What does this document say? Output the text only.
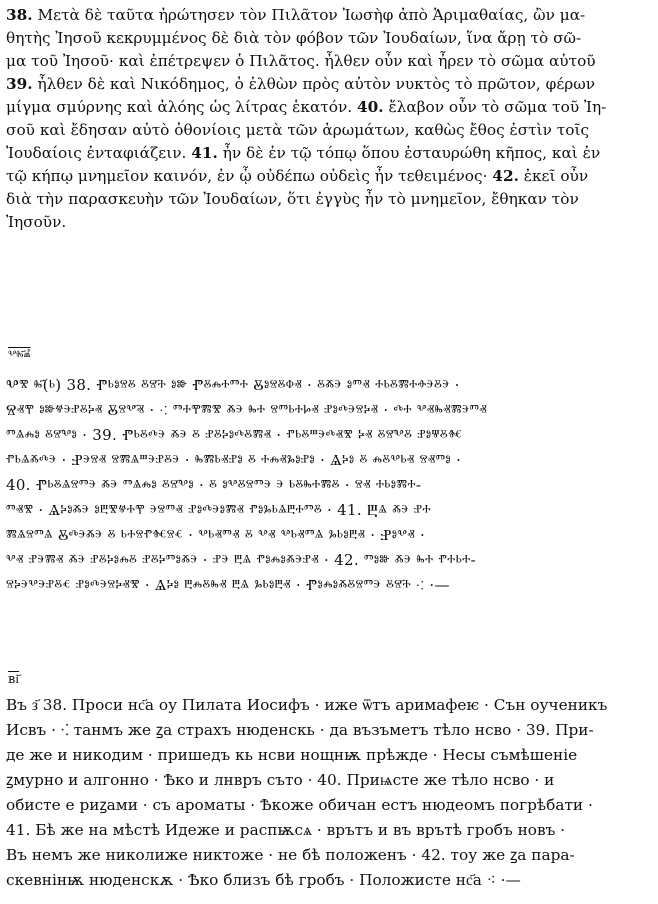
38. Μετὰ δὲ ταῦτα ἠρώτησεν τὸν Πιλᾶτον Ἰωσὴφ ἀπὸ Ἁριμαθαίας, ὢν μα-
θητὴς Ἰησοῦ κεκρυμμένος δὲ διὰ τὸν φόβον τῶν Ἰουδαίων, ἵνα ἄρῃ τὸ σῶ-
μα τοῦ Ἰησοῦ· καὶ ἐπέτρεψεν ὁ Πιλᾶτος. ἦλθεν οὖν καὶ ἦρεν τὸ σῶμα αὐτοῦ
39. ἦλθεν δὲ καὶ Νικόδημος, ὁ ἐλθὼν πρὸς αὐτὸν νυκτὸς τὸ πρῶτον, φέρων
μίγμα σμύρνης καὶ ἀλόης ὡς λίτρας ἑκατόν. 40. ἔλαβον οὖν τὸ σῶμα τοῦ Ἰη-
σοῦ καὶ ἔδησαν αὐτὸ ὀθονίοις μετὰ τῶν ἀρωμάτων, καθὼς ἔθος ἐστὶν τοῖς
Ἰουδαίοις ἐνταφιάζειν. 41. ἦν δὲ ἐν τῷ τόπῳ ὅπου ἐσταυρώθη κῆπος, καὶ ἐν
τῷ κήπῳ μνημεῖον καινόν, ἐν ᾧ οὐδέπω οὐδεὶς ἦν τεθειμένος· 42. ἐκεῖ οὖν
διὰ τὴν παρασκευὴν τῶν Ἰουδαίων, ὅτι ἐγγὺς ἦν τὸ μνημεῖον, ἔθηκαν τὸν
Ἰησοῦν.
ⰲⰸ҃ⰼ
Ⰲⰺ ⰸ҃(ⱃ) 38. Ⱂⱃⱁⱄⰻ ⰻⱄ҃ⰰ ⱁⱆ Ⱂⰻⰾⰰⱅⰰ Ⰻⱁⱄⰻⱇⱏ · ⰻⰶⰵ ⱁⱅⱏ ⰰⱃⰻⰿⰰⱚⰵⰻⰵ ·
Ⱄⱏⰹ ⱁⱆⱍⰵⱀⰻⰽⱏ Ⰻⱄⰲ҃ⱏ · ⁖ ⱅⰰⰹⰿⰺ ⰶⰵ ⰸⰰ ⱄⱅⱃⰰⱈⱏ ⱀⱁⰴⰵⱄⰽⱏ · ⰴⰰ ⰲⱏⰸⱏⰿⰵⱅⱏ
ⱅⱑⰾⱁ ⰻⱄ҃ⰲⱁ · 39. Ⱂⱃⰻⰴⰵ ⰶⰵ ⰻ ⱀⰻⰽⱁⰴⰻⰿⱏ · ⱂⱃⰻⱎⰵⰴⱏⰺ ⰽⱏ ⰻⱄ҃ⰲⰻ ⱀⱁⱋⰻⱙ
ⱂⱃⱑⰶⰴⰵ · Ⱀⰵⱄⱏ ⱄⰿⱑⱎⰵⱀⰻⰵ · ⰸⰿⱃⱏⱀⱁ ⰻ ⰰⰾⱏⰳⱁⱀⱁ · Ⱑⰽⱁ ⰻ ⰾⰻⰲⱃⱏ ⱄⱏⱅⱁ ·
40. Ⱂⱃⰻⱑⱄⱅⰵ ⰶⰵ ⱅⱑⰾⱁ ⰻⱄ҃ⰲⱁ · ⰻ ⱁⰲⰻⱄⱅⰵ ⰵ ⱃⰻⰸⰰⰿⰻ · ⱄⱏ ⰰⱃⱁⰿⰰ-
ⱅⱏⰺ · Ⱑⰽⱁⰶⰵ ⱁⰱⰺⱍⰰⰹ ⰵⱄⱅⱏ ⱀⱁⰴⰵⱁⰿⱏ ⱂⱁⰳⱃⱑⰱⰰⱅⰻ · 41. Ⰱⱑ ⰶⰵ ⱀⰰ
ⰿⱑⱄⱅⱑ Ⰻⰴⰵⰶⰵ ⰻ ⱃⰰⱄⱂⱙⱄⱔ · ⰲⱃⱏⱅⱏ ⰻ ⰲⱏ ⰲⱃⱏⱅⱑ ⰳⱃⱁⰱⱏ · Ⱀⱁⰲⱏ ·
ⰲⱏ ⱀⰵⰿⱏ ⰶⰵ ⱀⰻⰽⱁⰾⰻ ⱀⰻⰽⱅⱁⰶⰵ · ⱀⰵ ⰱⱑ ⱂⱁⰾⱁⰶⰵⱀⱏ · 42. ⱅⱁⱆ ⰶⰵ ⰸⰰ ⱂⰰⱃⰰ-
ⱄⰽⰵⰲⰵⱀⰻⱔ ⱀⱁⰴⰵⱄⰽⱏⰺ · Ⱑⰽⱁ ⰱⰾⰻⰸⱏ ⰱⱑ ⰳⱃⱁⰱⱏ · Ⱂⱁⰾⱁⰶⰻⱄⱅⰵ ⰻⱄ҃ⰰ ⁖ ·—
ві҃
Въ з҃ 38. Проси нс҃а оу Пилата Иосифъ · иже ѿтъ аримафеѥ · Сън оученикъ
Исвъ · ⁖ танмъ же ꙁа страхъ нюденскь · да възъметъ тѣло нсвo · 39. При-
де же и никодим · пришедъ кь нсви нощнѭ прѣжде · Несы съмѣшенiе
ꙁмурно и алгонно · Ѣко и лнвръ съто · 40. Приѩсте же тѣло нсвo · и
обисте е риꙁами · съ ароматы · Ѣкоже обичан естъ нюдеомъ погрѣбати ·
41. Бѣ же на мѣстѣ Идеже и распѭсѧ · врътъ и въ врътѣ гробъ новъ ·
Въ немъ же николиже никтоже · не бѣ положенъ · 42. тоу же ꙁа пара-
скевнінѭ нюденскѫ · Ѣко близъ бѣ гробъ · Положисте нс҃а ⁖ ·—
